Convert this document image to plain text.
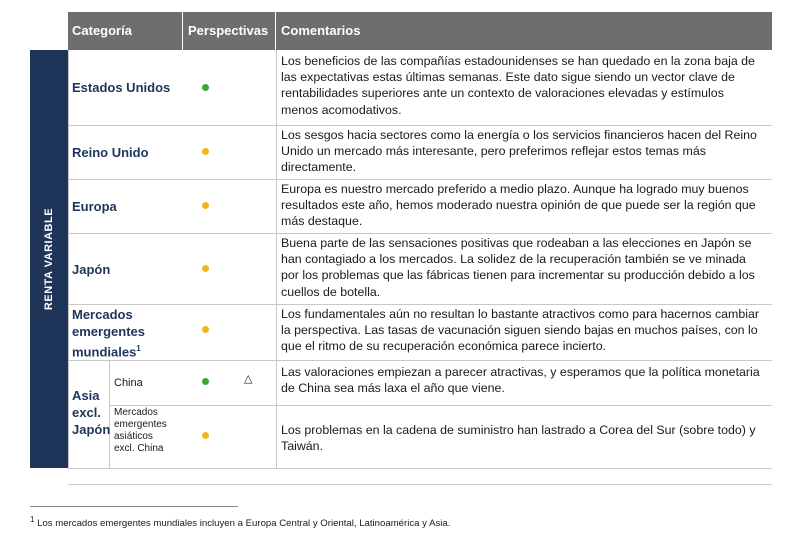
Categoría	Perspectivas Comentarios
RENTA VARIABLE
Estados Unidos
Los beneficios de las compañías estadounidenses se han quedado en la zona baja de las expectativas estas últimas semanas. Este dato sigue siendo un vector clave de rentabilidades superiores ante un contexto de valoraciones elevadas y estímulos menos acomodativos.
Reino Unido
Los sesgos hacia sectores como la energía o los servicios financieros hacen del Reino Unido un mercado más interesante, pero preferimos reflejar estos temas más directamente.
Europa
Europa es nuestro mercado preferido a medio plazo. Aunque ha logrado muy buenos resultados este año, hemos moderado nuestra opinión de que puede ser la región que más destaque.
Japón
Buena parte de las sensaciones positivas que rodeaban a las elecciones en Japón se han contagiado a los mercados. La solidez de la recuperación también se ve minada por los problemas que las fábricas tienen para incrementar su producción debido a los cuellos de botella.
Mercados
emergentes
mundiales$^1$
Los fundamentales aún no resultan lo bastante atractivos como para hacernos cambiar la perspectiva. Las tasas de vacunación siguen siendo bajas en muchos países, con lo que el ritmo de su recuperación económica parece incierto.
Asia
excl.
Japón
China	△ Las valoraciones empiezan a parecer atractivas, y esperamos que la política monetaria de China sea más laxa el año que viene.
Mercados
emergentes
asiáticos
excl. China
Los problemas en la cadena de suministro han lastrado a Corea del Sur (sobre todo) y Taiwán.
$^1$ Los mercados emergentes mundiales incluyen a Europa Central y Oriental, Latinoamérica y Asia.
